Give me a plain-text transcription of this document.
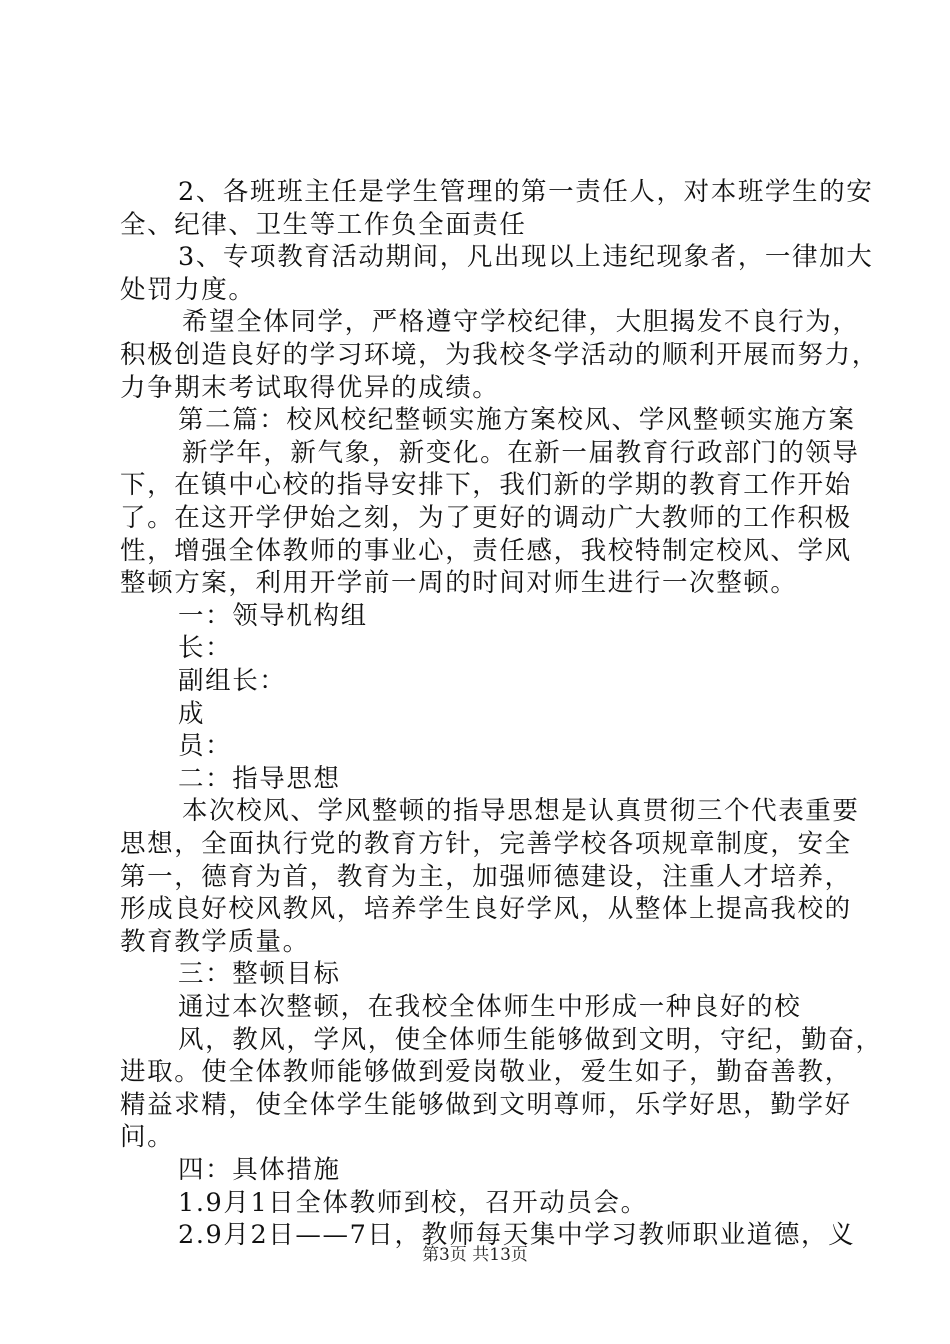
2、各班班主任是学生管理的第一责任人，对本班学生的安
全、纪律、卫生等工作负全面责任
3、专项教育活动期间，凡出现以上违纪现象者，一律加大
处罚力度。
希望全体同学，严格遵守学校纪律，大胆揭发不良行为，
积极创造良好的学习环境，为我校冬学活动的顺利开展而努力，
力争期末考试取得优异的成绩。
第二篇：校风校纪整顿实施方案校风、学风整顿实施方案
新学年，新气象，新变化。在新一届教育行政部门的领导
下，在镇中心校的指导安排下，我们新的学期的教育工作开始
了。在这开学伊始之刻，为了更好的调动广大教师的工作积极
性，增强全体教师的事业心，责任感，我校特制定校风、学风
整顿方案，利用开学前一周的时间对师生进行一次整顿。
一：领导机构组
长：
副组长：
成
员：
二：指导思想
本次校风、学风整顿的指导思想是认真贯彻三个代表重要
思想，全面执行党的教育方针，完善学校各项规章制度，安全
第一，德育为首，教育为主，加强师德建设，注重人才培养，
形成良好校风教风，培养学生良好学风，从整体上提高我校的
教育教学质量。
三：整顿目标
通过本次整顿，在我校全体师生中形成一种良好的校
风，教风，学风，使全体师生能够做到文明，守纪，勤奋，
进取。使全体教师能够做到爱岗敬业，爱生如子，勤奋善教，
精益求精，使全体学生能够做到文明尊师，乐学好思，勤学好
问。
四：具体措施
1.9月1日全体教师到校，召开动员会。
2.9月2日——7日，教师每天集中学习教师职业道德，义
第3页 共13页
